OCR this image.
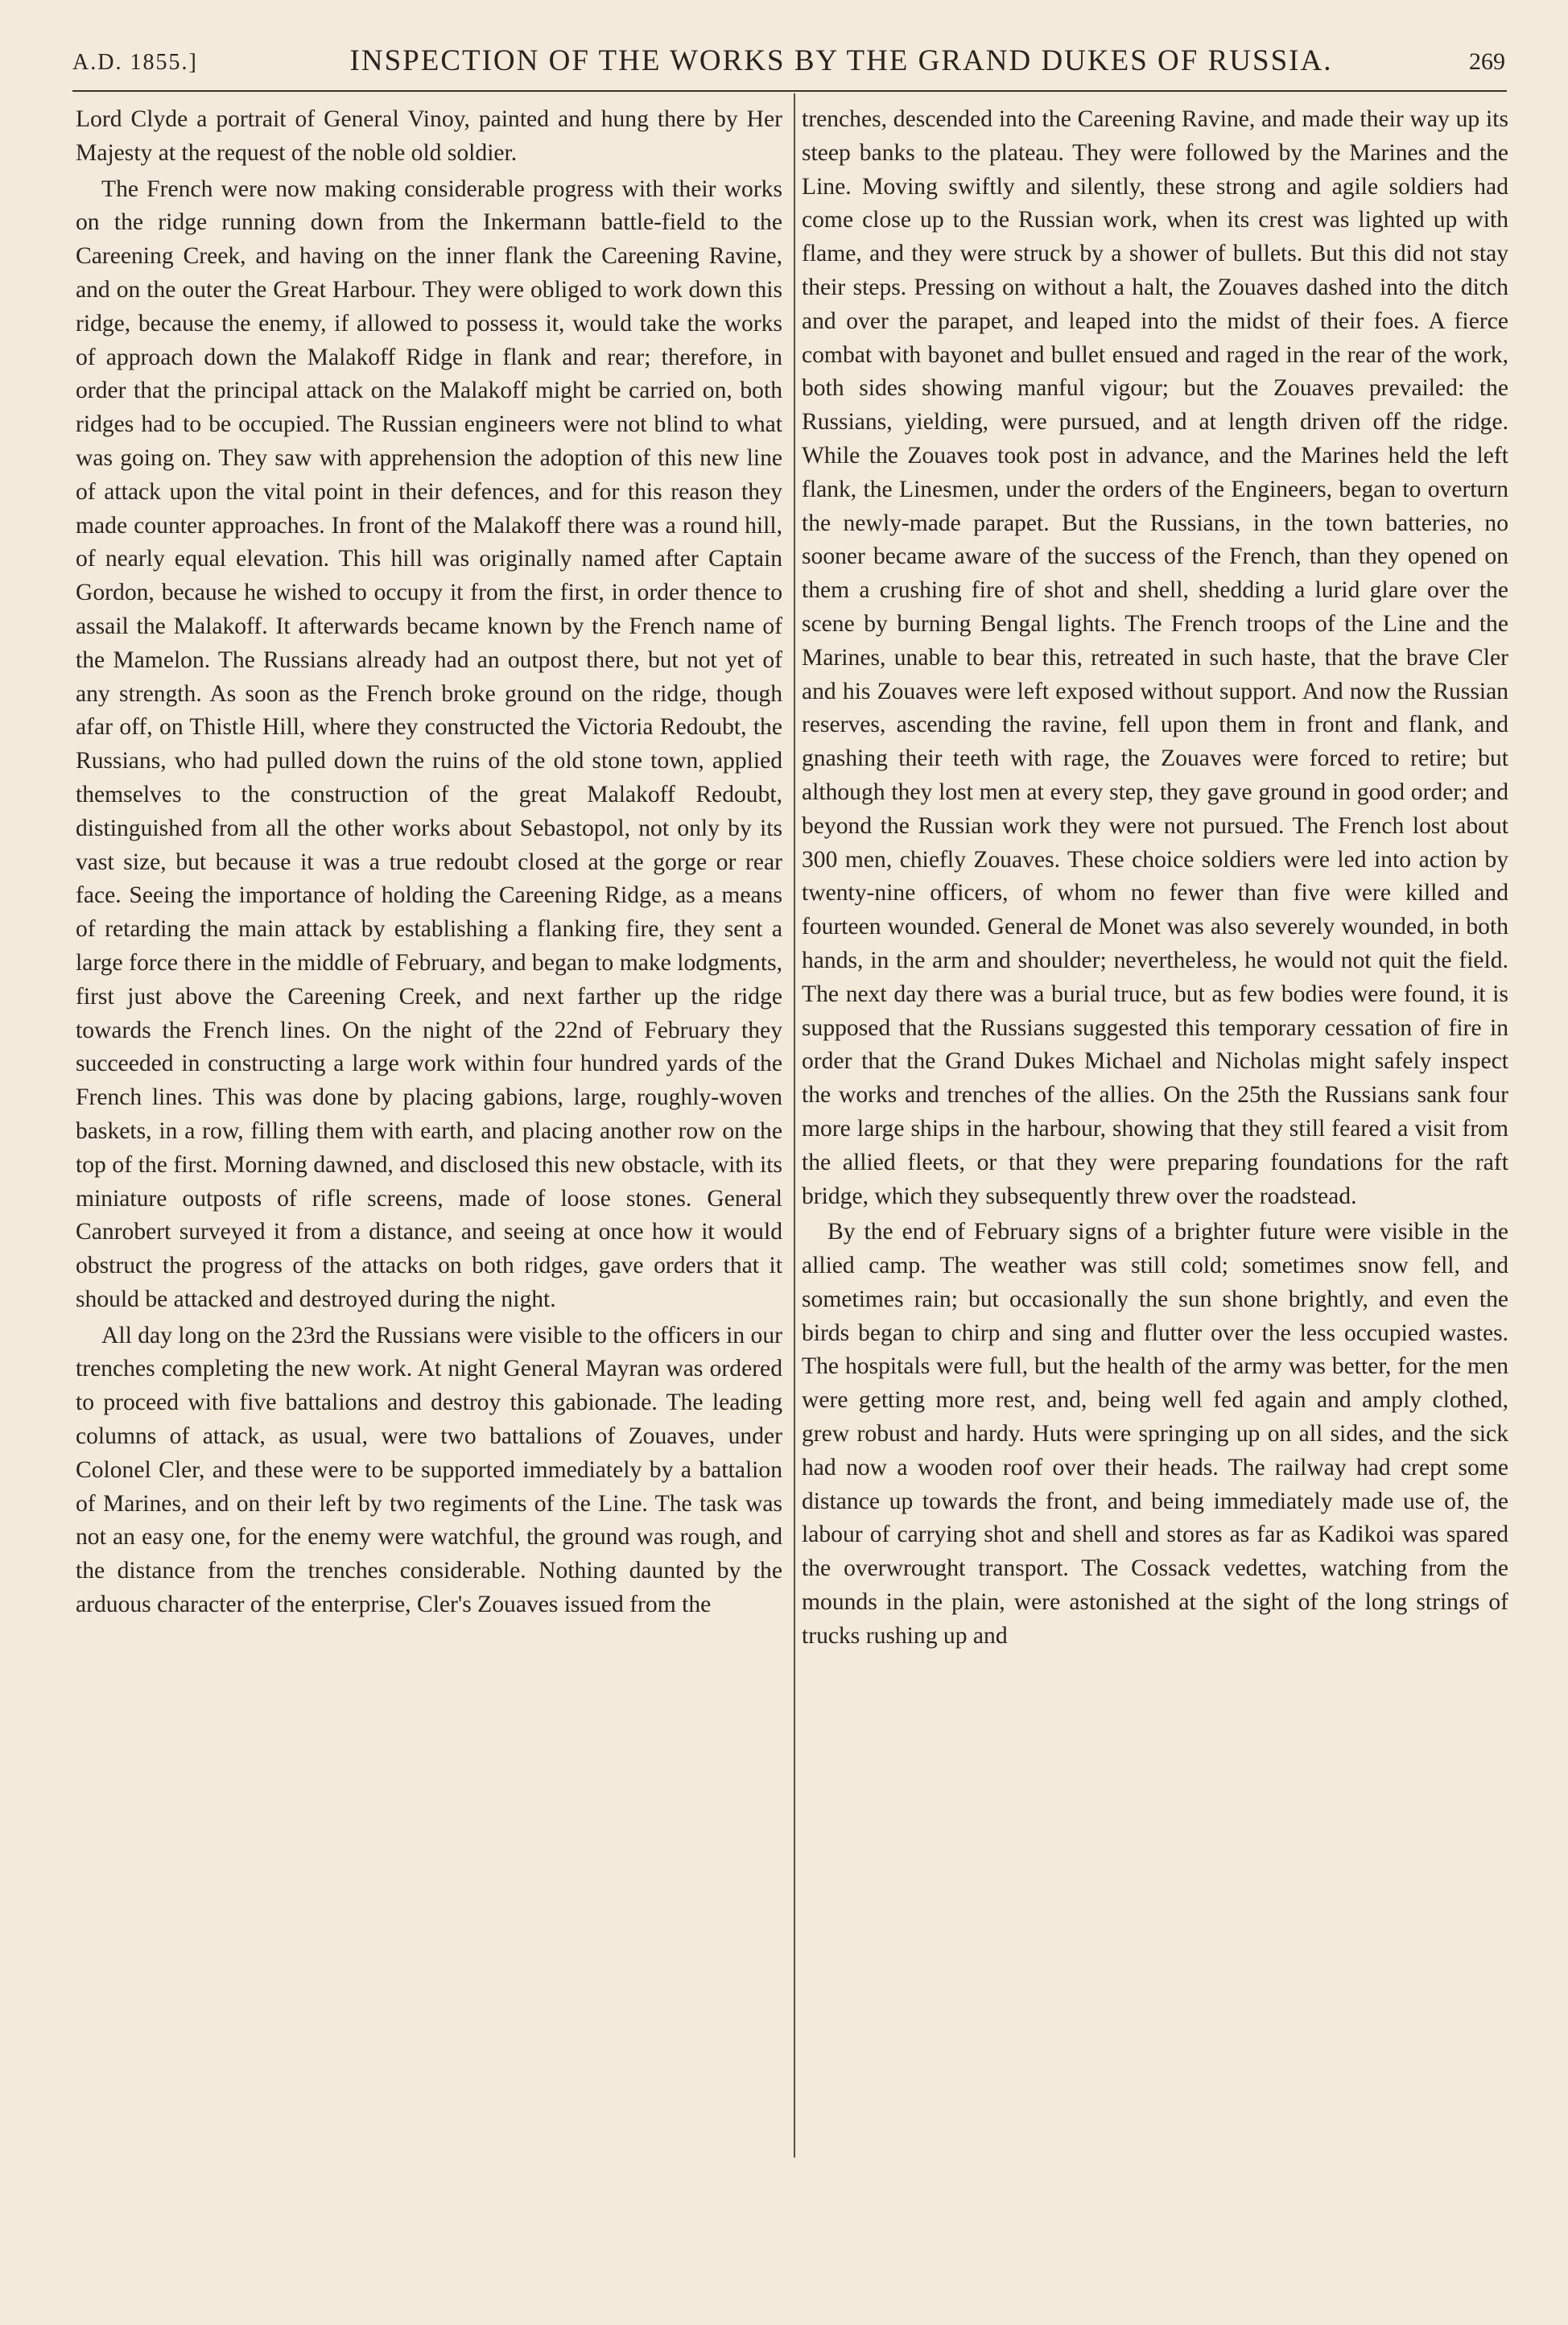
A.D. 1855.]	INSPECTION OF THE WORKS BY THE GRAND DUKES OF RUSSIA.	269

Lord Clyde a portrait of General Vinoy, painted and hung there by Her Majesty at the request of the noble old soldier.

The French were now making considerable progress with their works on the ridge running down from the Inkermann battle-field to the Careening Creek, and having on the inner flank the Careening Ravine, and on the outer the Great Harbour. They were obliged to work down this ridge, because the enemy, if allowed to possess it, would take the works of approach down the Malakoff Ridge in flank and rear; therefore, in order that the principal attack on the Malakoff might be carried on, both ridges had to be occupied. The Russian engineers were not blind to what was going on. They saw with apprehension the adoption of this new line of attack upon the vital point in their defences, and for this reason they made counter approaches. In front of the Malakoff there was a round hill, of nearly equal elevation. This hill was originally named after Captain Gordon, because he wished to occupy it from the first, in order thence to assail the Malakoff. It afterwards became known by the French name of the Mamelon. The Russians already had an outpost there, but not yet of any strength. As soon as the French broke ground on the ridge, though afar off, on Thistle Hill, where they constructed the Victoria Redoubt, the Russians, who had pulled down the ruins of the old stone town, applied themselves to the construction of the great Malakoff Redoubt, distinguished from all the other works about Sebastopol, not only by its vast size, but because it was a true redoubt closed at the gorge or rear face. Seeing the importance of holding the Careening Ridge, as a means of retarding the main attack by establishing a flanking fire, they sent a large force there in the middle of February, and began to make lodgments, first just above the Careening Creek, and next farther up the ridge towards the French lines. On the night of the 22nd of February they succeeded in constructing a large work within four hundred yards of the French lines. This was done by placing gabions, large, roughly-woven baskets, in a row, filling them with earth, and placing another row on the top of the first. Morning dawned, and disclosed this new obstacle, with its miniature outposts of rifle screens, made of loose stones. General Canrobert surveyed it from a distance, and seeing at once how it would obstruct the progress of the attacks on both ridges, gave orders that it should be attacked and destroyed during the night.

All day long on the 23rd the Russians were visible to the officers in our trenches completing the new work. At night General Mayran was ordered to proceed with five battalions and destroy this gabionade. The leading columns of attack, as usual, were two battalions of Zouaves, under Colonel Cler, and these were to be supported immediately by a battalion of Marines, and on their left by two regiments of the Line. The task was not an easy one, for the enemy were watchful, the ground was rough, and the distance from the trenches considerable. Nothing daunted by the arduous character of the enterprise, Cler's Zouaves issued from the

trenches, descended into the Careening Ravine, and made their way up its steep banks to the plateau. They were followed by the Marines and the Line. Moving swiftly and silently, these strong and agile soldiers had come close up to the Russian work, when its crest was lighted up with flame, and they were struck by a shower of bullets. But this did not stay their steps. Pressing on without a halt, the Zouaves dashed into the ditch and over the parapet, and leaped into the midst of their foes. A fierce combat with bayonet and bullet ensued and raged in the rear of the work, both sides showing manful vigour; but the Zouaves prevailed: the Russians, yielding, were pursued, and at length driven off the ridge. While the Zouaves took post in advance, and the Marines held the left flank, the Linesmen, under the orders of the Engineers, began to overturn the newly-made parapet. But the Russians, in the town batteries, no sooner became aware of the success of the French, than they opened on them a crushing fire of shot and shell, shedding a lurid glare over the scene by burning Bengal lights. The French troops of the Line and the Marines, unable to bear this, retreated in such haste, that the brave Cler and his Zouaves were left exposed without support. And now the Russian reserves, ascending the ravine, fell upon them in front and flank, and gnashing their teeth with rage, the Zouaves were forced to retire; but although they lost men at every step, they gave ground in good order; and beyond the Russian work they were not pursued. The French lost about 300 men, chiefly Zouaves. These choice soldiers were led into action by twenty-nine officers, of whom no fewer than five were killed and fourteen wounded. General de Monet was also severely wounded, in both hands, in the arm and shoulder; nevertheless, he would not quit the field. The next day there was a burial truce, but as few bodies were found, it is supposed that the Russians suggested this temporary cessation of fire in order that the Grand Dukes Michael and Nicholas might safely inspect the works and trenches of the allies. On the 25th the Russians sank four more large ships in the harbour, showing that they still feared a visit from the allied fleets, or that they were preparing foundations for the raft bridge, which they subsequently threw over the roadstead.

By the end of February signs of a brighter future were visible in the allied camp. The weather was still cold; sometimes snow fell, and sometimes rain; but occasionally the sun shone brightly, and even the birds began to chirp and sing and flutter over the less occupied wastes. The hospitals were full, but the health of the army was better, for the men were getting more rest, and, being well fed again and amply clothed, grew robust and hardy. Huts were springing up on all sides, and the sick had now a wooden roof over their heads. The railway had crept some distance up towards the front, and being immediately made use of, the labour of carrying shot and shell and stores as far as Kadikoi was spared the overwrought transport. The Cossack vedettes, watching from the mounds in the plain, were astonished at the sight of the long strings of trucks rushing up and
